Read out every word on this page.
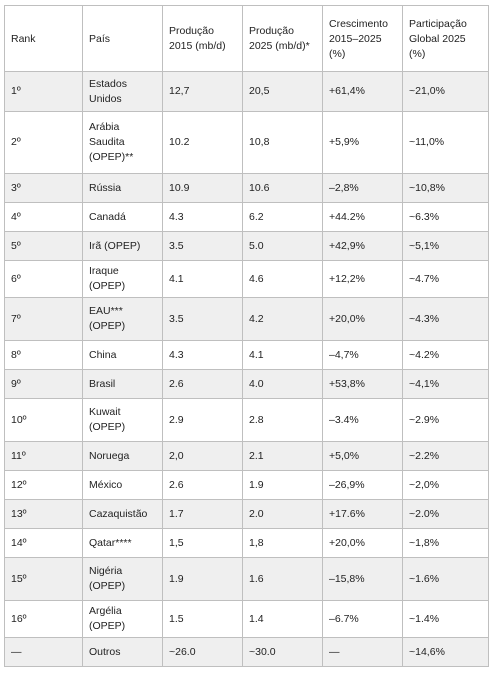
Rank	País	Produção 2015 (mb/d)	Produção 2025 (mb/d)*	Crescimento 2015–2025 (%)	Participação Global 2025 (%)
1º	Estados Unidos	12,7	20,5	+61,4%	~21,0%
2º	Arábia Saudita (OPEP)**	10.2	10,8	+5,9%	~11,0%
3º	Rússia	10.9	10.6	–2,8%	~10,8%
4º	Canadá	4.3	6.2	+44.2%	~6.3%
5º	Irã (OPEP)	3.5	5.0	+42,9%	~5,1%
6º	Iraque (OPEP)	4.1	4.6	+12,2%	~4.7%
7º	EAU*** (OPEP)	3.5	4.2	+20,0%	~4.3%
8º	China	4.3	4.1	–4,7%	~4.2%
9º	Brasil	2.6	4.0	+53,8%	~4,1%
10º	Kuwait (OPEP)	2.9	2.8	–3.4%	~2.9%
11º	Noruega	2,0	2.1	+5,0%	~2.2%
12º	México	2.6	1.9	–26,9%	~2,0%
13º	Cazaquistão	1.7	2.0	+17.6%	~2.0%
14º	Qatar****	1,5	1,8	+20,0%	~1,8%
15º	Nigéria (OPEP)	1.9	1.6	–15,8%	~1.6%
16º	Argélia (OPEP)	1.5	1.4	–6.7%	~1.4%
—	Outros	~26.0	~30.0	—	~14,6%
